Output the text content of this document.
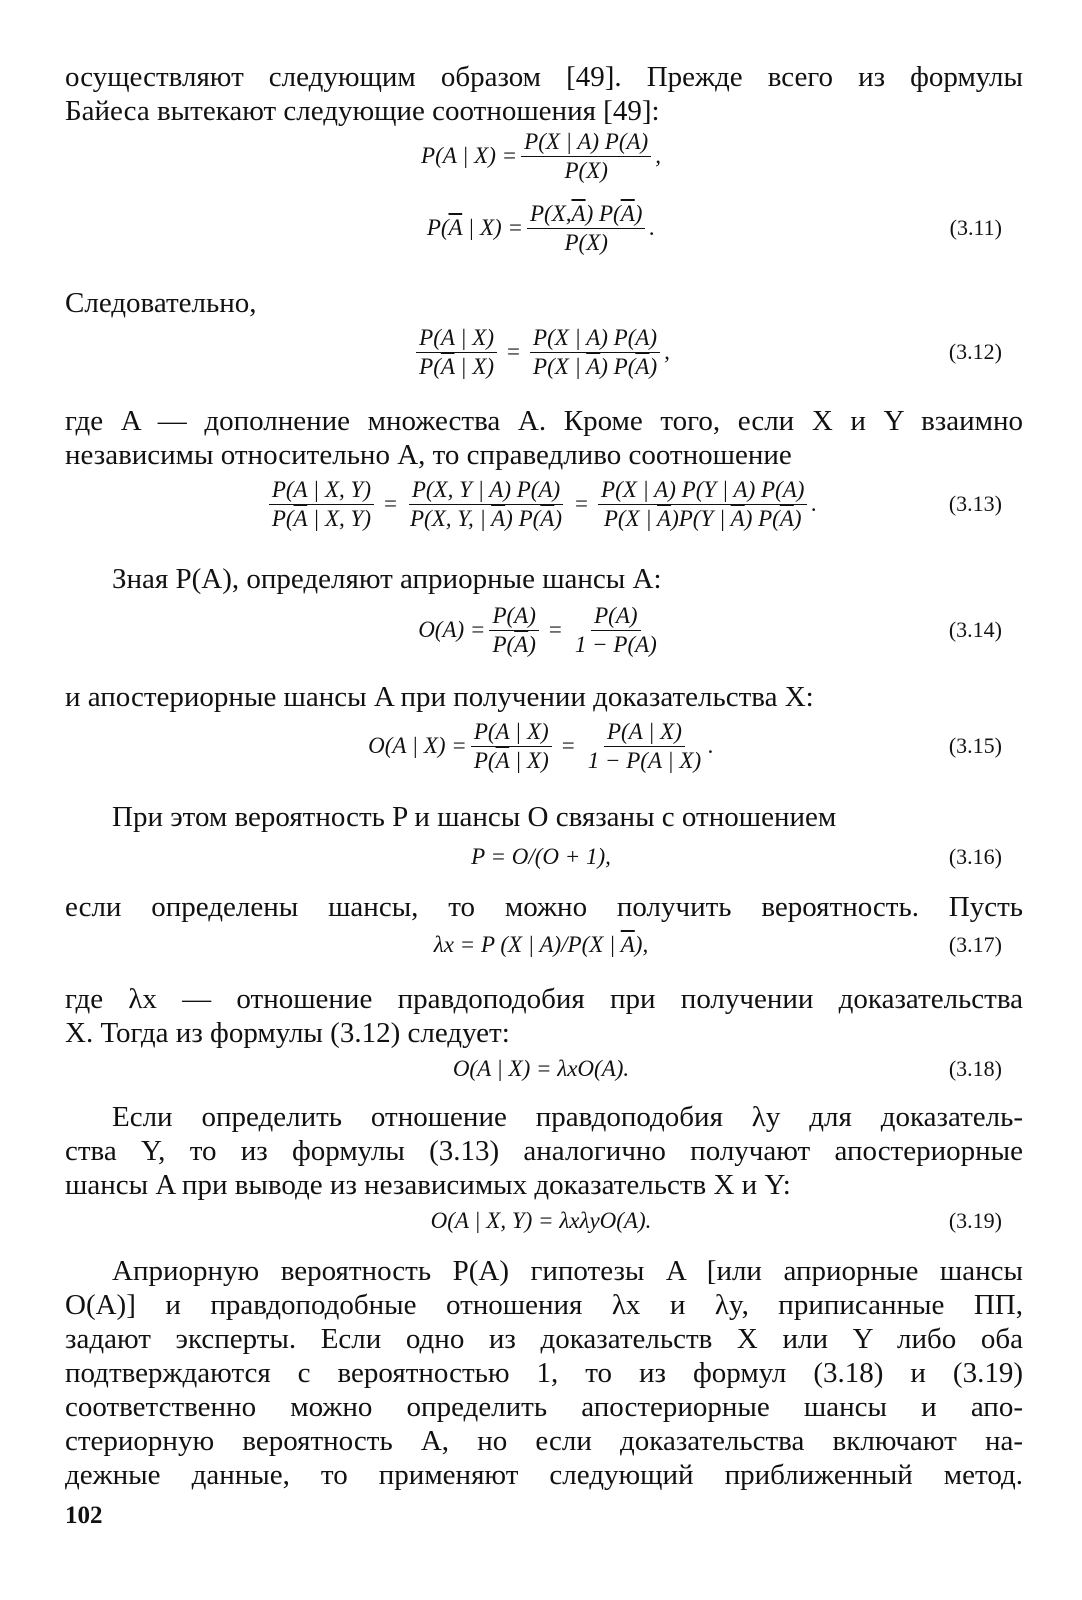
осуществляют следующим образом [49]. Прежде всего из формулы
Байеса вытекают следующие соотношения [49]:
P(A | $X) = \frac{P(X | A) P(A)}{P(X)}$ ,
$P(\overline{A}$ | $X) = \frac{P(X,\overline{A}) P(\overline{A})}{P(X)}$ .	(3.11)
Следовательно,
$\frac{P(A | X)}{P(\overline{A} | X)} = \frac{P(X | A) P(A)}{P(X | \overline{A}) P(\overline{A})}$ ,	(3.12)
где A — дополнение множества A. Кроме того, если X и Y взаимно
независимы относительно A, то справедливо соотношение
$\frac{P(A | X, Y)}{P(\overline{A} | X, Y)} = \frac{P(X, Y | A) P(A)}{P(X, Y, | \overline{A}) P(\overline{A})} = \frac{P(X | A) P(Y | A) P(A)}{P(X | \overline{A})P(Y | \overline{A}) P(\overline{A})}$ .	(3.13)
Зная P(A), определяют априорные шансы A:
$O(A) = \frac{P(A)}{P(\overline{A})} = \frac{P(A)}{1 - P(A)}$	(3.14)
и апостериорные шансы A при получении доказательства X:
O(A | $X) = \frac{P(A | X)}{P(\overline{A} | X)} = \frac{P(A | X)}{1 - P(A | X)}$ .	(3.15)
При этом вероятность P и шансы O связаны с отношением
P = O/(O + 1),	(3.16)
если определены шансы, то можно получить вероятность. Пусть
λx = P (X | A)/P(X | $\overline{A}$),	(3.17)
где λx — отношение правдоподобия при получении доказательства
X. Тогда из формулы (3.12) следует:
O(A | X) = λxO(A).	(3.18)
Если определить отношение правдоподобия λy для доказатель-
ства Y, то из формулы (3.13) аналогично получают апостериорные
шансы A при выводе из независимых доказательств X и Y:
O(A | X, Y) = λxλyO(A).	(3.19)
Априорную вероятность P(A) гипотезы A [или априорные шансы
O(A)] и правдоподобные отношения λx и λy, приписанные ПП,
задают эксперты. Если одно из доказательств X или Y либо оба
подтверждаются с вероятностью 1, то из формул (3.18) и (3.19)
соответственно можно определить апостериорные шансы и апо-
стериорную вероятность A, но если доказательства включают на-
дежные данные, то применяют следующий приближенный метод.
102
